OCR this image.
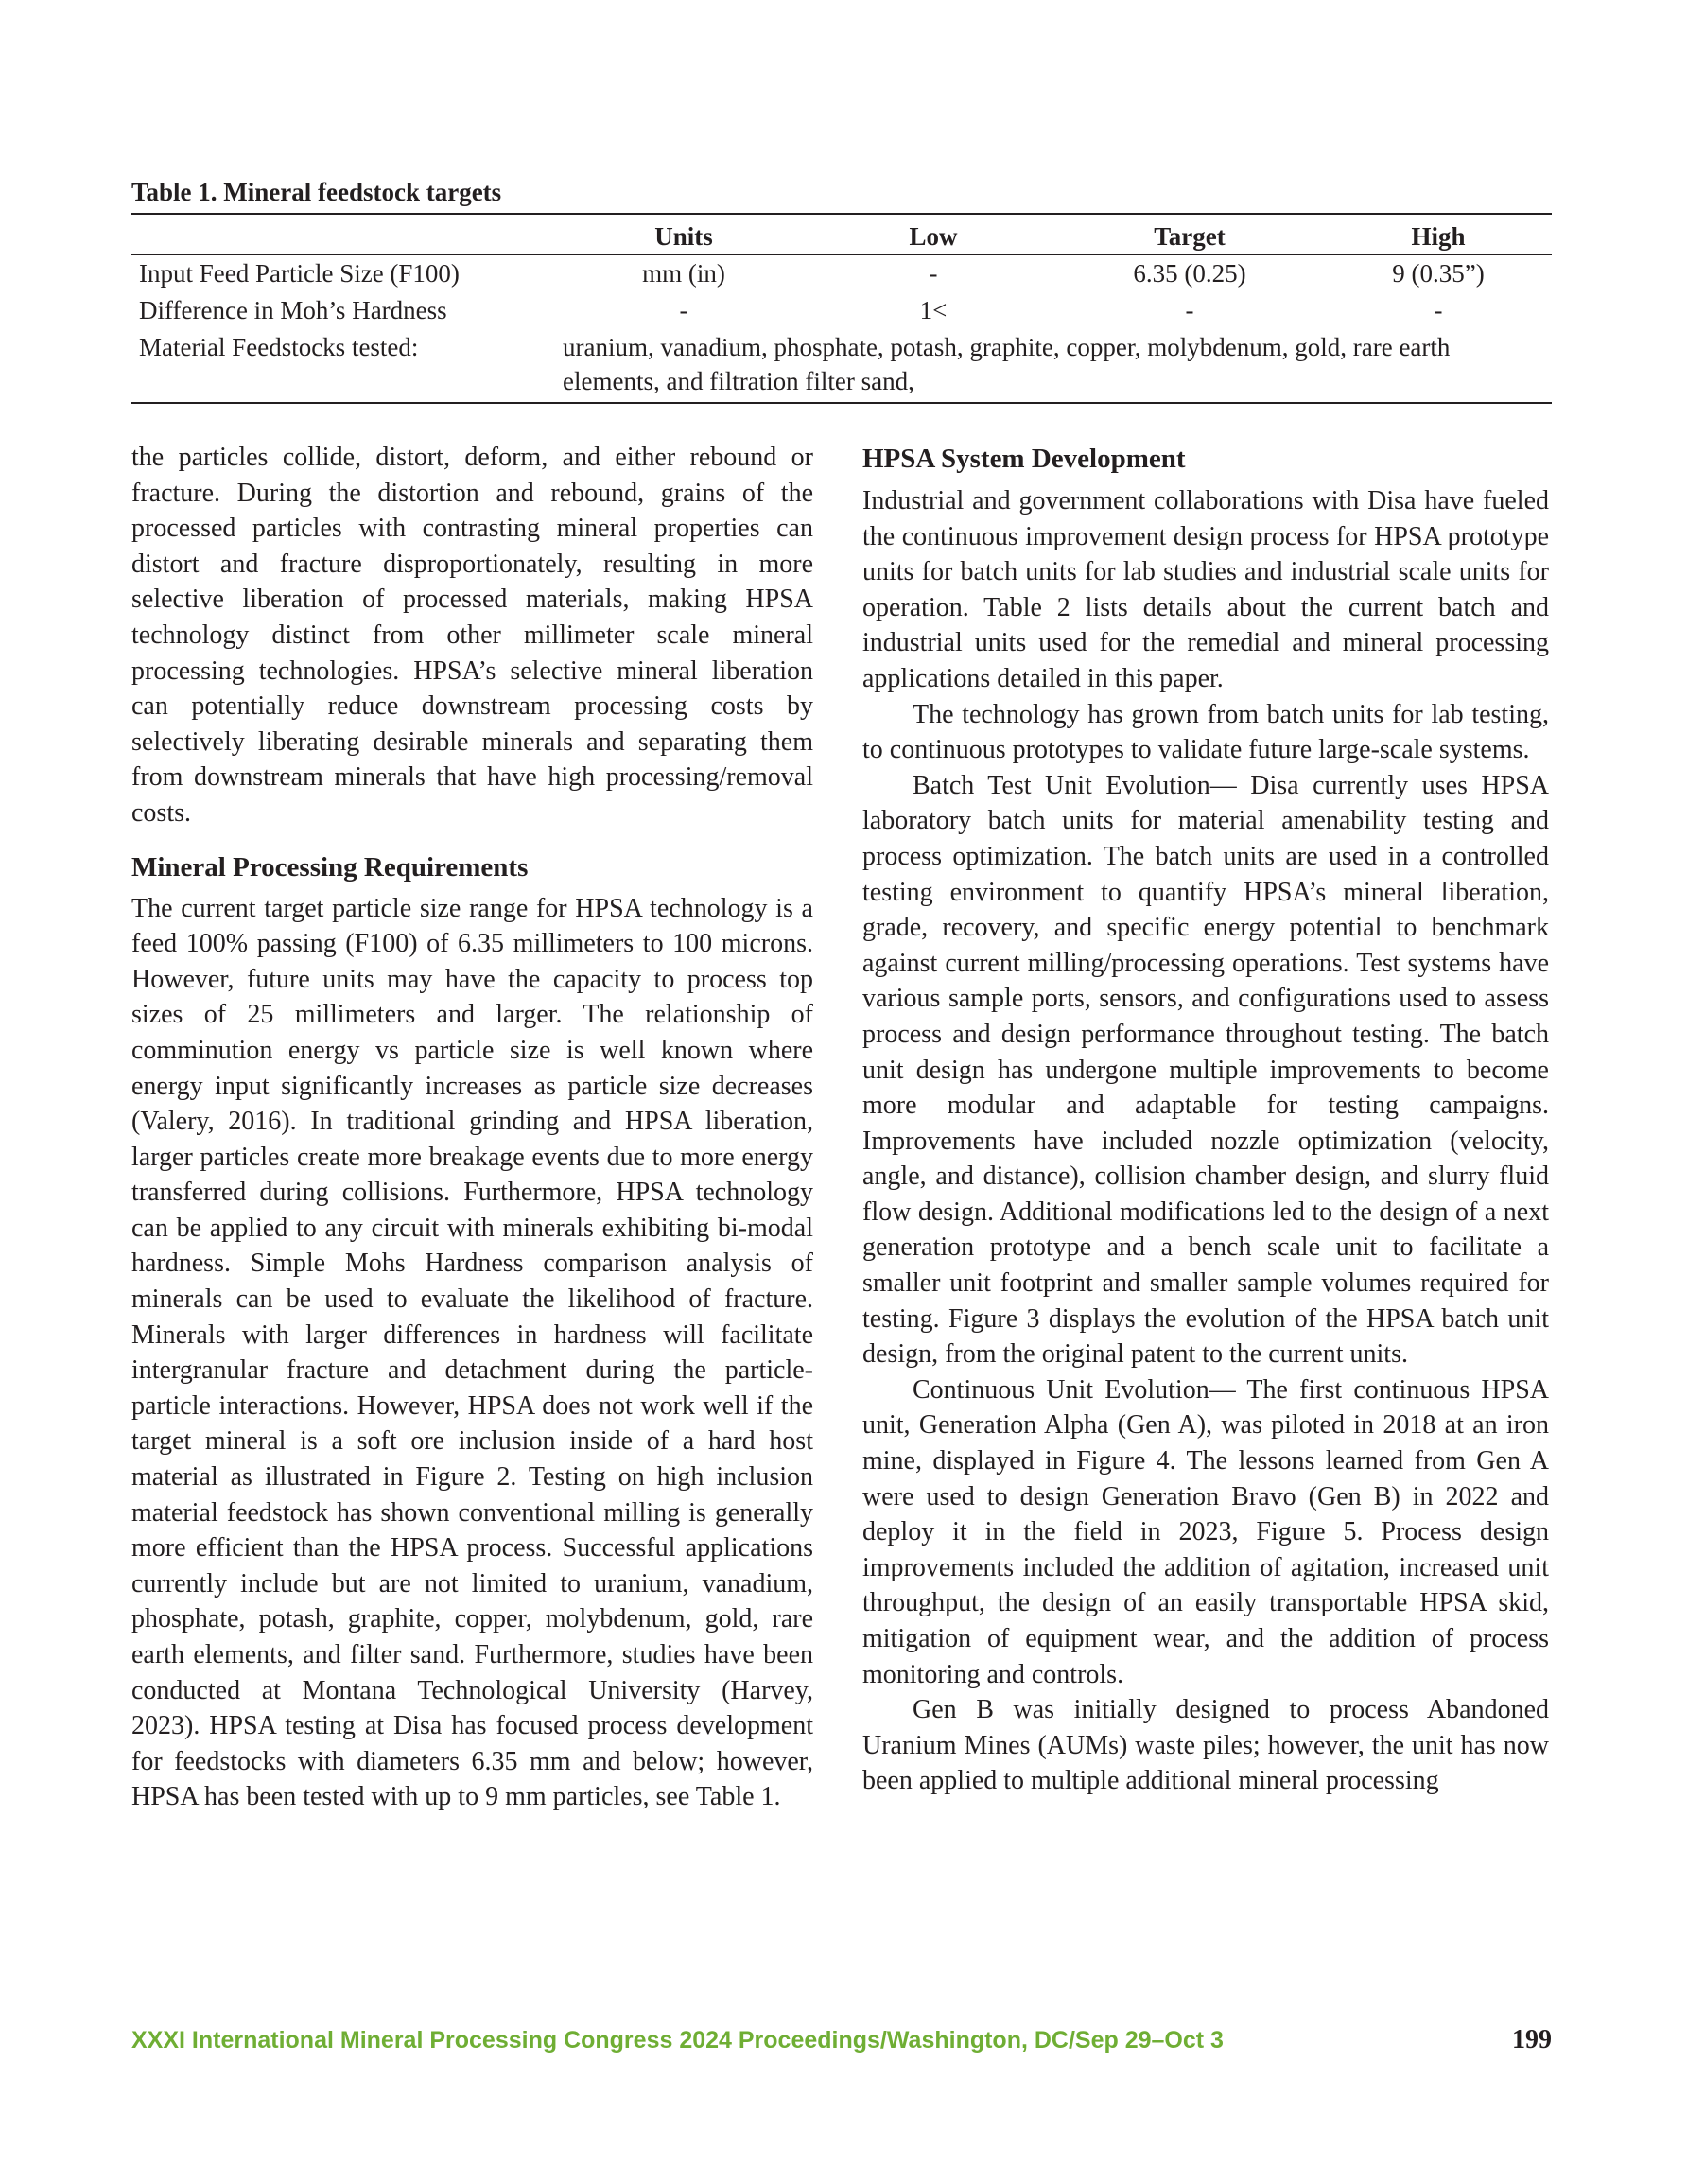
Table 1. Mineral feedstock targets
	Units	Low	Target	High
Input Feed Particle Size (F100)	mm (in)	-	6.35 (0.25)	9 (0.35”)
Difference in Moh’s Hardness	-	1<	-	-
Material Feedstocks tested:	uranium, vanadium, phosphate, potash, graphite, copper, molybdenum, gold, rare earth elements, and filtration filter sand,			

the particles collide, distort, deform, and either rebound or fracture. During the distortion and rebound, grains of the processed particles with contrasting mineral properties can distort and fracture disproportionately, resulting in more selective liberation of processed materials, making HPSA technology distinct from other millimeter scale mineral processing technologies. HPSA’s selective mineral liberation can potentially reduce downstream processing costs by selectively liberating desirable minerals and separating them from downstream minerals that have high processing/removal costs.

Mineral Processing Requirements

The current target particle size range for HPSA technology is a feed 100% passing (F100) of 6.35 millimeters to 100 microns. However, future units may have the capacity to process top sizes of 25 millimeters and larger. The relationship of comminution energy vs particle size is well known where energy input significantly increases as particle size decreases (Valery, 2016). In traditional grinding and HPSA liberation, larger particles create more breakage events due to more energy transferred during collisions. Furthermore, HPSA technology can be applied to any circuit with minerals exhibiting bi-modal hardness. Simple Mohs Hardness comparison analysis of minerals can be used to evaluate the likelihood of fracture. Minerals with larger differences in hardness will facilitate intergranular fracture and detachment during the particle-particle interactions. However, HPSA does not work well if the target mineral is a soft ore inclusion inside of a hard host material as illustrated in Figure 2. Testing on high inclusion material feedstock has shown conventional milling is generally more efficient than the HPSA process. Successful applications currently include but are not limited to uranium, vanadium, phosphate, potash, graphite, copper, molybdenum, gold, rare earth elements, and filter sand. Furthermore, studies have been conducted at Montana Technological University (Harvey, 2023). HPSA testing at Disa has focused process development for feedstocks with diameters 6.35 mm and below; however, HPSA has been tested with up to 9 mm particles, see Table 1.

HPSA System Development

Industrial and government collaborations with Disa have fueled the continuous improvement design process for HPSA prototype units for batch units for lab studies and industrial scale units for operation. Table 2 lists details about the current batch and industrial units used for the remedial and mineral processing applications detailed in this paper.

The technology has grown from batch units for lab testing, to continuous prototypes to validate future large-scale systems.

Batch Test Unit Evolution— Disa currently uses HPSA laboratory batch units for material amenability testing and process optimization. The batch units are used in a controlled testing environment to quantify HPSA’s mineral liberation, grade, recovery, and specific energy potential to benchmark against current milling/processing operations. Test systems have various sample ports, sensors, and configurations used to assess process and design performance throughout testing. The batch unit design has undergone multiple improvements to become more modular and adaptable for testing campaigns. Improvements have included nozzle optimization (velocity, angle, and distance), collision chamber design, and slurry fluid flow design. Additional modifications led to the design of a next generation prototype and a bench scale unit to facilitate a smaller unit footprint and smaller sample volumes required for testing. Figure 3 displays the evolution of the HPSA batch unit design, from the original patent to the current units.

Continuous Unit Evolution— The first continuous HPSA unit, Generation Alpha (Gen A), was piloted in 2018 at an iron mine, displayed in Figure 4. The lessons learned from Gen A were used to design Generation Bravo (Gen B) in 2022 and deploy it in the field in 2023, Figure 5. Process design improvements included the addition of agitation, increased unit throughput, the design of an easily transportable HPSA skid, mitigation of equipment wear, and the addition of process monitoring and controls.

Gen B was initially designed to process Abandoned Uranium Mines (AUMs) waste piles; however, the unit has now been applied to multiple additional mineral processing

XXXI International Mineral Processing Congress 2024 Proceedings/Washington, DC/Sep 29–Oct 3	199
